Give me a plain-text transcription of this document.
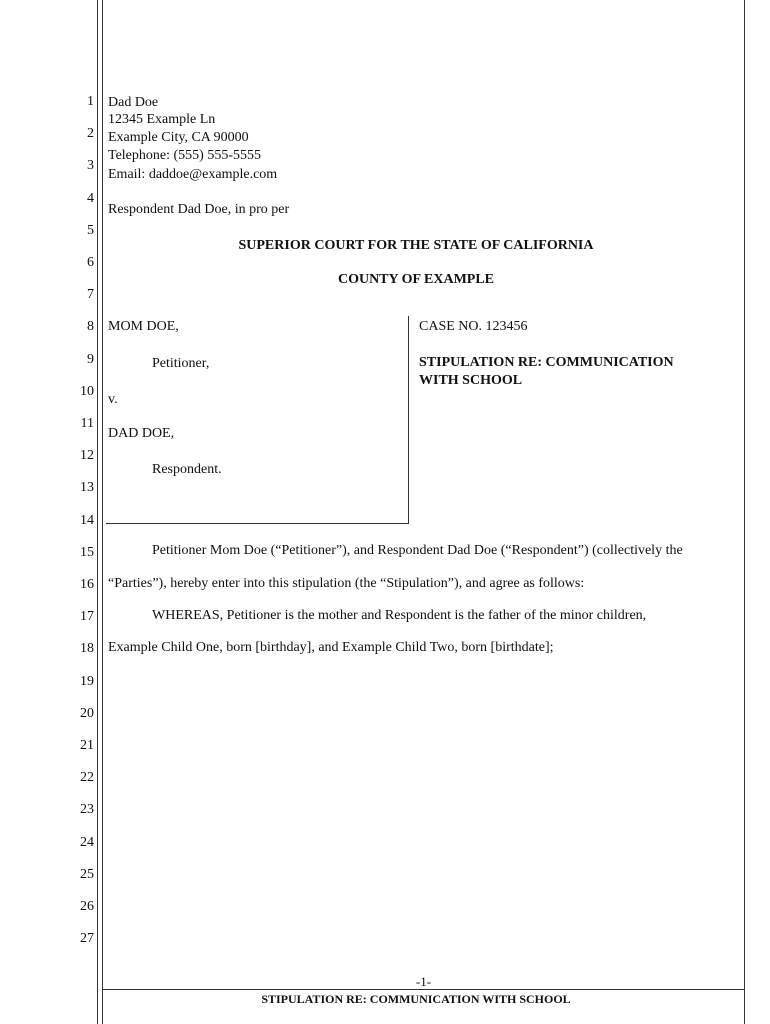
1
2
3
4
5
6
7
8
9
10
11
12
13
14
15
16
17
18
19
20
21
22
23
24
25
26
27
Dad Doe
12345 Example Ln
Example City, CA 90000
Telephone: (555) 555-5555
Email: daddoe@example.com
Respondent Dad Doe, in pro per
SUPERIOR COURT FOR THE STATE OF CALIFORNIA
COUNTY OF EXAMPLE
MOM DOE,
Petitioner,
v.
DAD DOE,
Respondent.
CASE NO. 123456
STIPULATION RE: COMMUNICATION
WITH SCHOOL
Petitioner Mom Doe (“Petitioner”), and Respondent Dad Doe (“Respondent”) (collectively the
“Parties”), hereby enter into this stipulation (the “Stipulation”), and agree as follows:
WHEREAS, Petitioner is the mother and Respondent is the father of the minor children,
Example Child One, born [birthday], and Example Child Two, born [birthdate];
-1-
STIPULATION RE: COMMUNICATION WITH SCHOOL
